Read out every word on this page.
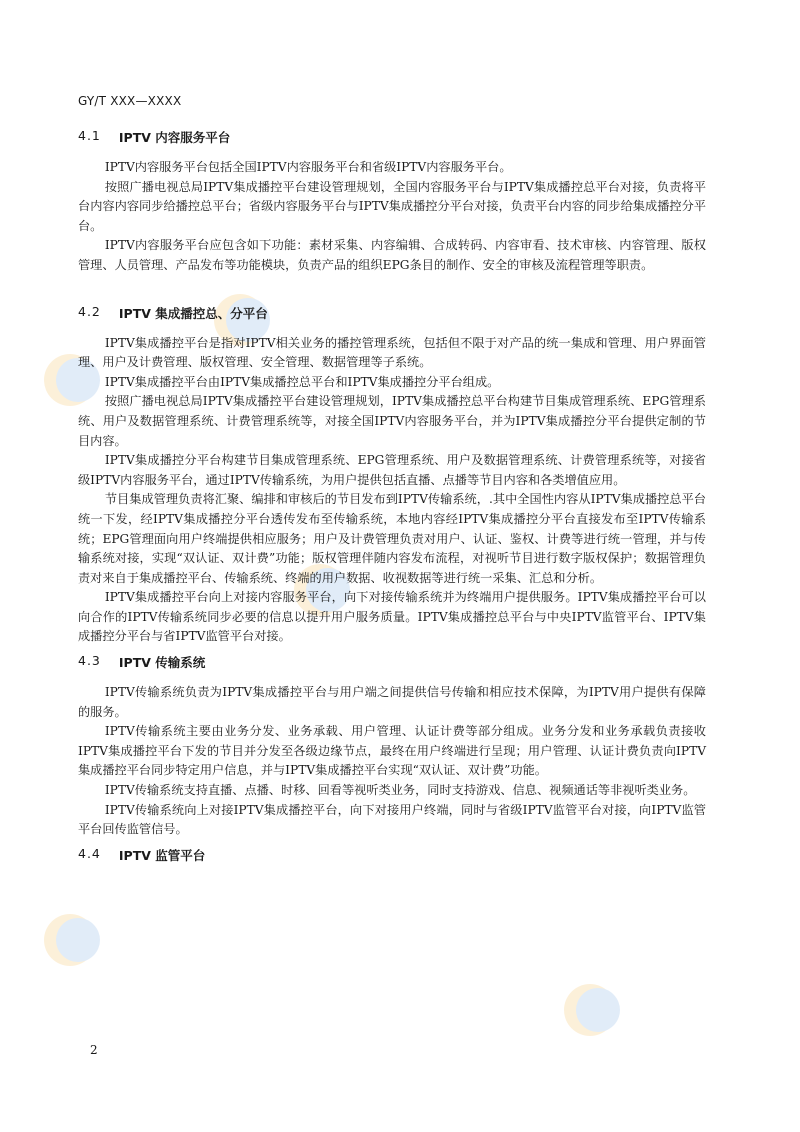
GY/T XXX—XXXX
4.1 IPTV 内容服务平台

IPTV内容服务平台包括全国IPTV内容服务平台和省级IPTV内容服务平台。

按照广播电视总局IPTV集成播控平台建设管理规划，全国内容服务平台与IPTV集成播控总平台对接，负责将平台内容内容同步给播控总平台；省级内容服务平台与IPTV集成播控分平台对接，负责平台内容的同步给集成播控分平台。

IPTV内容服务平台应包含如下功能：素材采集、内容编辑、合成转码、内容审看、技术审核、内容管理、版权管理、人员管理、产品发布等功能模块，负责产品的组织EPG条目的制作、安全的审核及流程管理等职责。

4.2 IPTV 集成播控总、分平台

IPTV集成播控平台是指对IPTV相关业务的播控管理系统，包括但不限于对产品的统一集成和管理、用户界面管理、用户及计费管理、版权管理、安全管理、数据管理等子系统。

IPTV集成播控平台由IPTV集成播控总平台和IPTV集成播控分平台组成。

按照广播电视总局IPTV集成播控平台建设管理规划，IPTV集成播控总平台构建节目集成管理系统、EPG管理系统、用户及数据管理系统、计费管理系统等，对接全国IPTV内容服务平台，并为IPTV集成播控分平台提供定制的节目内容。

IPTV集成播控分平台构建节目集成管理系统、EPG管理系统、用户及数据管理系统、计费管理系统等，对接省级IPTV内容服务平台，通过IPTV传输系统，为用户提供包括直播、点播等节目内容和各类增值应用。

节目集成管理负责将汇聚、编排和审核后的节目发布到IPTV传输系统，.其中全国性内容从IPTV集成播控总平台统一下发，经IPTV集成播控分平台透传发布至传输系统，本地内容经IPTV集成播控分平台直接发布至IPTV传输系统；EPG管理面向用户终端提供相应服务；用户及计费管理负责对用户、认证、鉴权、计费等进行统一管理，并与传输系统对接，实现“双认证、双计费”功能；版权管理伴随内容发布流程，对视听节目进行数字版权保护；数据管理负责对来自于集成播控平台、传输系统、终端的用户数据、收视数据等进行统一采集、汇总和分析。

IPTV集成播控平台向上对接内容服务平台，向下对接传输系统并为终端用户提供服务。IPTV集成播控平台可以向合作的IPTV传输系统同步必要的信息以提升用户服务质量。IPTV集成播控总平台与中央IPTV监管平台、IPTV集成播控分平台与省IPTV监管平台对接。

4.3 IPTV 传输系统

IPTV传输系统负责为IPTV集成播控平台与用户端之间提供信号传输和相应技术保障，为IPTV用户提供有保障的服务。

IPTV传输系统主要由业务分发、业务承载、用户管理、认证计费等部分组成。业务分发和业务承载负责接收IPTV集成播控平台下发的节目并分发至各级边缘节点，最终在用户终端进行呈现；用户管理、认证计费负责向IPTV集成播控平台同步特定用户信息，并与IPTV集成播控平台实现“双认证、双计费”功能。

IPTV传输系统支持直播、点播、时移、回看等视听类业务，同时支持游戏、信息、视频通话等非视听类业务。

IPTV传输系统向上对接IPTV集成播控平台，向下对接用户终端，同时与省级IPTV监管平台对接，向IPTV监管平台回传监管信号。

4.4 IPTV 监管平台
2
